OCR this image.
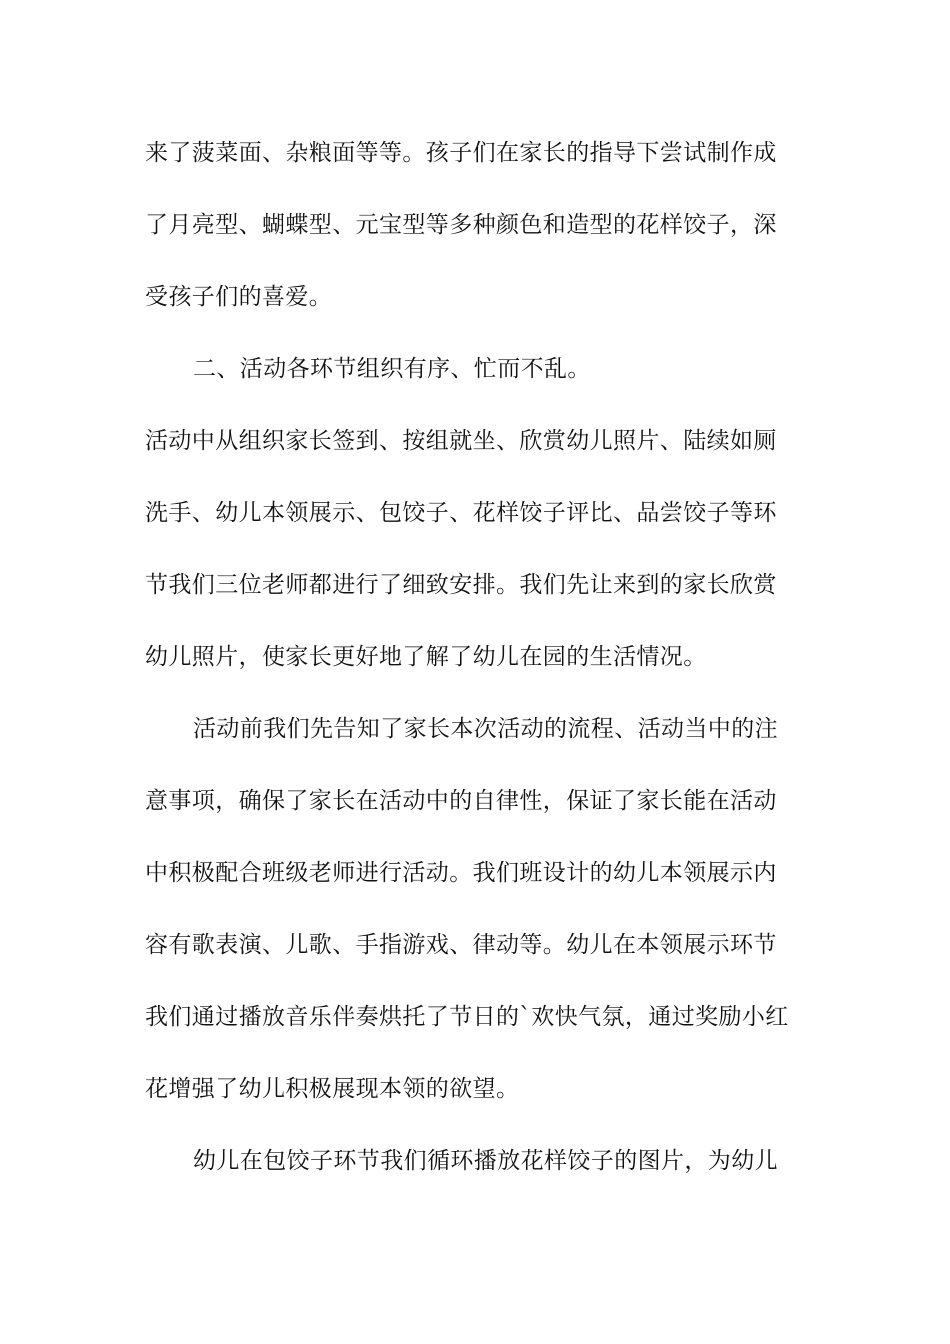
来了菠菜面、杂粮面等等。孩子们在家长的指导下尝试制作成
了月亮型、蝴蝶型、元宝型等多种颜色和造型的花样饺子，深
受孩子们的喜爱。
二、活动各环节组织有序、忙而不乱。
活动中从组织家长签到、按组就坐、欣赏幼儿照片、陆续如厕
洗手、幼儿本领展示、包饺子、花样饺子评比、品尝饺子等环
节我们三位老师都进行了细致安排。我们先让来到的家长欣赏
幼儿照片，使家长更好地了解了幼儿在园的生活情况。
活动前我们先告知了家长本次活动的流程、活动当中的注
意事项，确保了家长在活动中的自律性，保证了家长能在活动
中积极配合班级老师进行活动。我们班设计的幼儿本领展示内
容有歌表演、儿歌、手指游戏、律动等。幼儿在本领展示环节
我们通过播放音乐伴奏烘托了节日的`欢快气氛，通过奖励小红
花增强了幼儿积极展现本领的欲望。
幼儿在包饺子环节我们循环播放花样饺子的图片，为幼儿
